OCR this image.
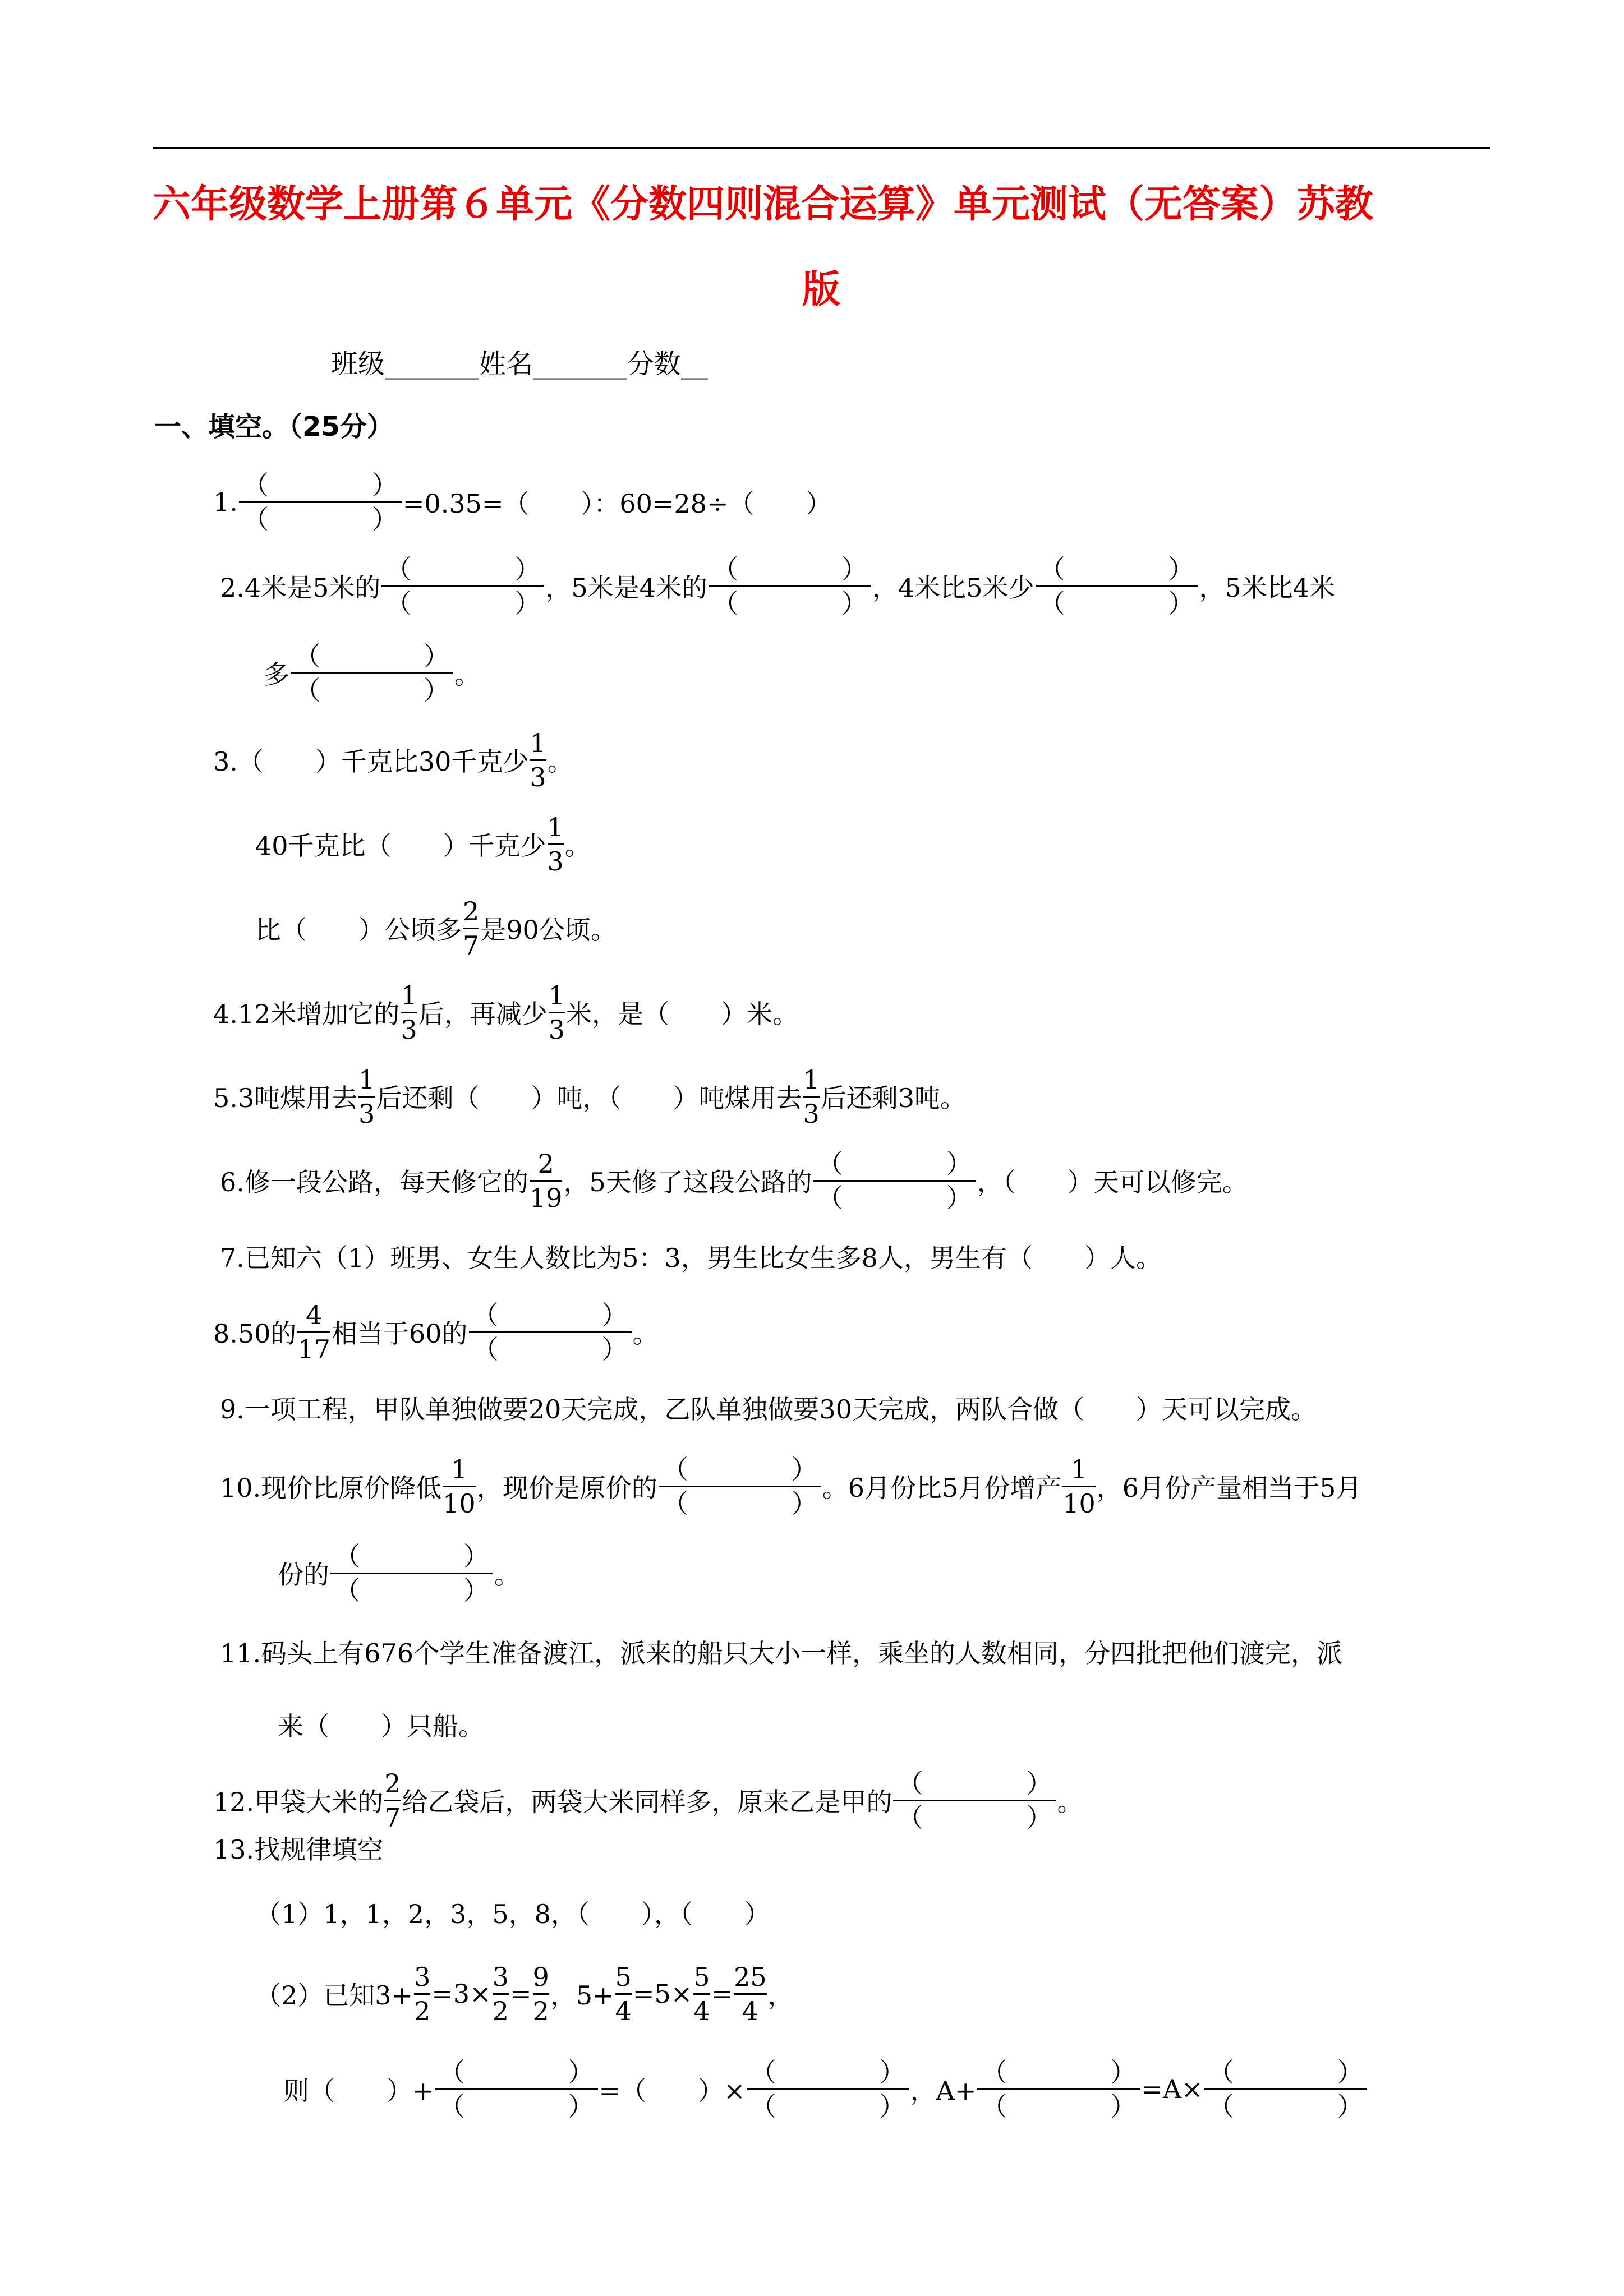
六年级数学上册第６单元《分数四则混合运算》单元测试（无答案）苏教
版
班级_______姓名_______分数__
一、填空。（25分）
1. $\frac{( )}{( )} =0.35=$（　　）：60=28÷（　　）
2.4米是5米的 $\frac{( )}{( )}$ ，5米是4米的 $\frac{( )}{( )}$ ，4米比5米少 $\frac{( )}{( )}$ ，5米比4米
多 $\frac{( )}{( )}$ 。
3.（　　）千克比30千克少 $\frac{1}{3}$ 。
40千克比（　　）千克少 $\frac{1}{3}$ 。
比（　　）公顷多 $\frac{2}{7}$ 是90公顷。
4.12米增加它的 $\frac{1}{3}$ 后，再减少 $\frac{1}{3}$ 米，是（　　）米。
5.3吨煤用去 $\frac{1}{3}$ 后还剩（　　）吨，（　　）吨煤用去 $\frac{1}{3}$ 后还剩3吨。
6.修一段公路，每天修它的 $\frac{2}{19}$ ，5天修了这段公路的 $\frac{( )}{( )}$ ，（　　）天可以修完。
7.已知六（1）班男、女生人数比为5：3，男生比女生多8人，男生有（　　）人。
8.50的 $\frac{4}{17}$ 相当于60的 $\frac{( )}{( )}$ 。
9.一项工程，甲队单独做要20天完成，乙队单独做要30天完成，两队合做（　　）天可以完成。
10.现价比原价降低 $\frac{1}{10}$ ，现价是原价的 $\frac{( )}{( )}$ 。6月份比5月份增产 $\frac{1}{10}$ ，6月份产量相当于5月
份的 $\frac{( )}{( )}$ 。
11.码头上有676个学生准备渡江，派来的船只大小一样，乘坐的人数相同，分四批把他们渡完，派
来（　　）只船。
12.甲袋大米的 $\frac{2}{7}$ 给乙袋后，两袋大米同样多，原来乙是甲的 $\frac{( )}{( )}$ 。
13.找规律填空
（1）1，1，2，3，5，8，（　　），（　　）
（2）已知$3+ \frac{3}{2} =3\times \frac{3}{2} = \frac{9}{2}$ ，$5+ \frac{5}{4} =5\times \frac{5}{4} = \frac{25}{4}$ ，
则（　　）+ $\frac{( )}{( )}$ =（　　）× $\frac{( )}{( )}$ ，$A+ \frac{( )}{( )} =A\times \frac{( )}{( )}$
